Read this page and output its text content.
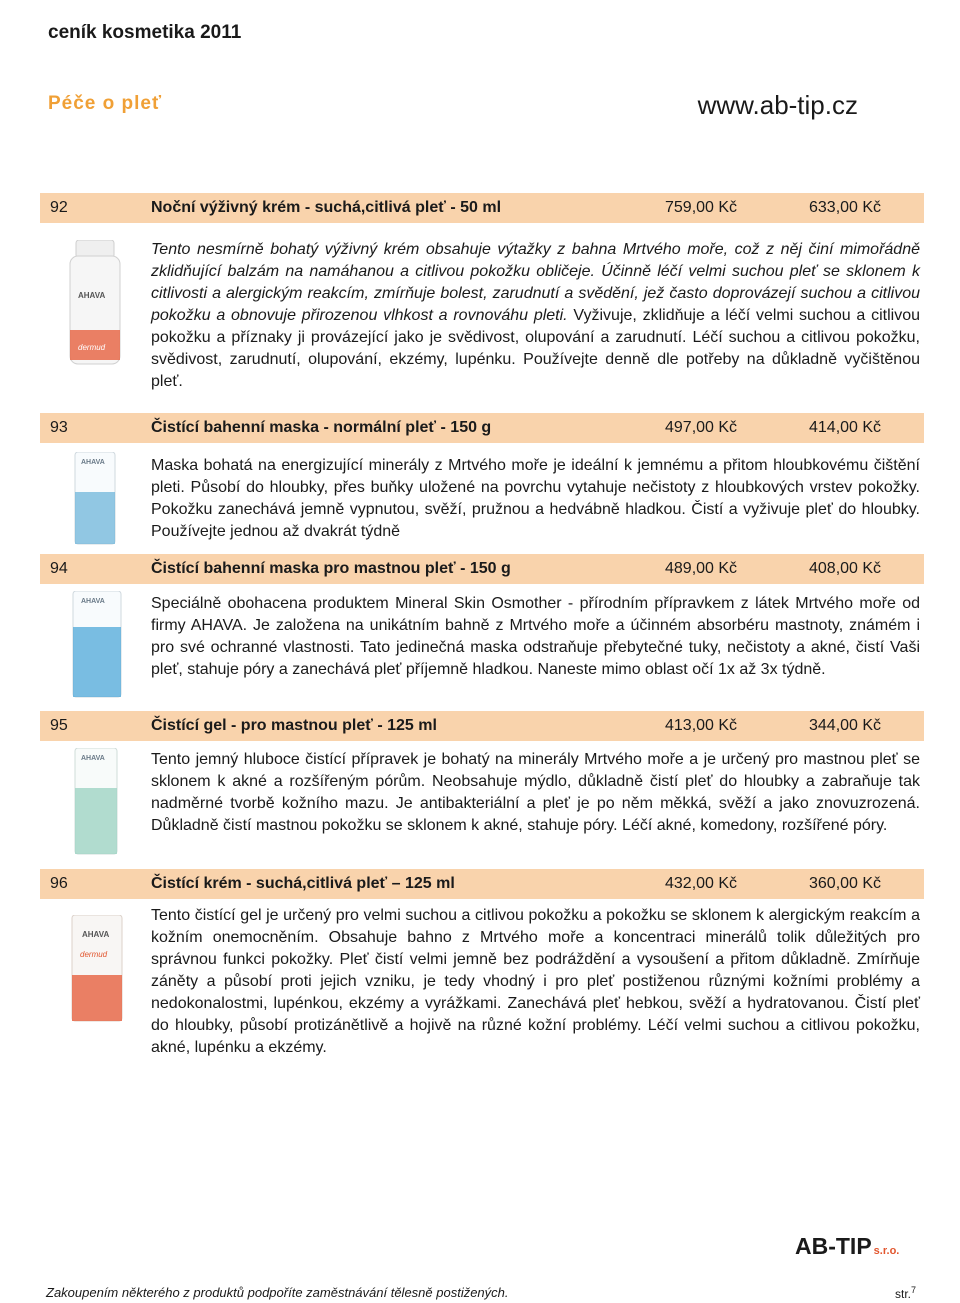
ceník kosmetika 2011
Péče o pleť	www.ab-tip.cz
92	Noční výživný krém - suchá,citlivá pleť - 50 ml	759,00 Kč	633,00 Kč
AHAVA
dermud

Tento nesmírně bohatý výživný krém obsahuje výtažky z bahna Mrtvého moře, což z něj činí mimořádně zklidňující balzám na namáhanou a citlivou pokožku obličeje. Účinně léčí velmi suchou pleť se sklonem k citlivosti a alergickým reakcím, zmírňuje bolest, zarudnutí a svědění, jež často doprovázejí suchou a citlivou pokožku a obnovuje přirozenou vlhkost a rovnováhu pleti. Vyživuje, zklidňuje a léčí velmi suchou a citlivou pokožku a příznaky ji provázející jako je svědivost, olupování a zarudnutí. Léčí suchou a citlivou pokožku, svědivost, zarudnutí, olupování, ekzémy, lupénku. Používejte denně dle potřeby na důkladně vyčištěnou pleť.

93	Čistící bahenní maska - normální pleť - 150 g	497,00 Kč	414,00 Kč
AHAVA	Maska bohatá na energizující minerály z Mrtvého moře je ideální k jemnému a přitom hloubkovému čištění pleti. Působí do hloubky, přes buňky uložené na povrchu vytahuje nečistoty z hloubkových vrstev pokožky. Pokožku zanechává jemně vypnutou, svěží, pružnou a hedvábně hladkou. Čistí a vyživuje pleť do hloubky. Používejte jednou až dvakrát týdně

94	Čistící bahenní maska pro mastnou pleť - 150 g	489,00 Kč	408,00 Kč
AHAVA	Speciálně obohacena produktem Mineral Skin Osmother - přírodním přípravkem z látek Mrtvého moře od firmy AHAVA. Je založena na unikátním bahně z Mrtvého moře a účinném absorbéru mastnoty, známém i pro své ochranné vlastnosti. Tato jedinečná maska odstraňuje přebytečné tuky, nečistoty a akné, čistí Vaši pleť, stahuje póry a zanechává pleť příjemně hladkou. Naneste mimo oblast očí 1x až 3x týdně.

95	Čistící gel - pro mastnou pleť - 125 ml	413,00 Kč	344,00 Kč
AHAVA	Tento jemný hluboce čistící přípravek je bohatý na minerály Mrtvého moře a je určený pro mastnou pleť se sklonem k akné a rozšířeným pórům. Neobsahuje mýdlo, důkladně čistí pleť do hloubky a zabraňuje tak nadměrné tvorbě kožního mazu. Je antibakteriální a pleť je po něm měkká, svěží a jako znovuzrozená. Důkladně čistí mastnou pokožku se sklonem k akné, stahuje póry. Léčí akné, komedony, rozšířené póry.

96	Čistící krém - suchá,citlivá pleť – 125 ml	432,00 Kč	360,00 Kč
AHAVA
dermud

Tento čistící gel je určený pro velmi suchou a citlivou pokožku a pokožku se sklonem k alergickým reakcím a kožním onemocněním. Obsahuje bahno z Mrtvého moře a koncentraci minerálů tolik důležitých pro správnou funkci pokožky. Pleť čistí velmi jemně bez podráždění a vysoušení a přitom důkladně. Zmírňuje záněty a působí proti jejich vzniku, je tedy vhodný i pro pleť postiženou různými kožními problémy a nedokonalostmi, lupénkou, ekzémy a vyrážkami. Zanechává pleť hebkou, svěží a hydratovanou. Čistí pleť do hloubky, působí protizánětlivě a hojivě na různé kožní problémy. Léčí velmi suchou a citlivou pokožku, akné, lupénku a ekzémy.

AB-TIP s.r.o.
Zakoupením některého z produktů podpoříte zaměstnávání tělesně postižených.	str.$^7$
